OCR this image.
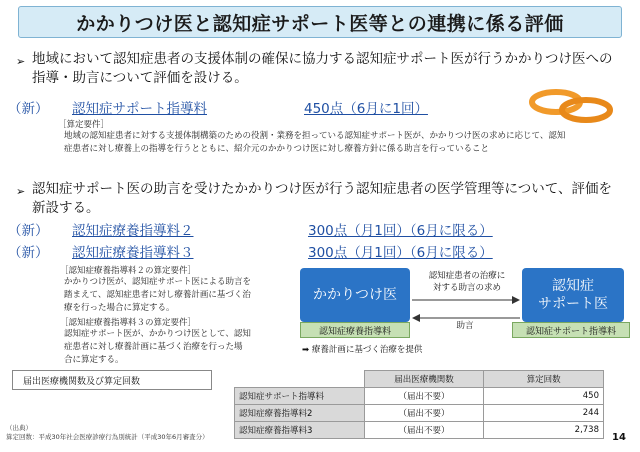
かかりつけ医と認知症サポート医等との連携に係る評価
➢ 地域において認知症患者の支援体制の確保に協力する認知症サポート医が行うかかりつけ医への指導・助言について評価を設ける。
（新）	認知症サポート指導料	450点（6月に1回）
［算定要件］
地域の認知症患者に対する支援体制構築のための役割・業務を担っている認知症サポート医が、かかりつけ医の求めに応じて、認知
症患者に対し療養上の指導を行うとともに、紹介元のかかりつけ医に対し療養方針に係る助言を行っていること
➢ 認知症サポート医の助言を受けたかかりつけ医が行う認知症患者の医学管理等について、評価を新設する。
（新）	認知症療養指導料２	300点（月1回）（6月に限る）
（新）	認知症療養指導料３	300点（月1回）（6月に限る）
［認知症療養指導料２の算定要件］
かかりつけ医が、認知症サポート医による助言を
踏まえて、認知症患者に対し療養計画に基づく治
療を行った場合に算定する。
［認知症療養指導料３の算定要件］
認知症サポート医が、かかりつけ医として、認知
症患者に対し療養計画に基づく治療を行った場
合に算定する。
かかりつけ医
認知症療養指導料
認知症
サポート医
認知症サポート指導料
認知症患者の治療に
対する助言の求め
助言
➡ 療養計画に基づく治療を提供
届出医療機関数及び算定回数
		届出医療機関数	算定回数
認知症サポート指導料	（届出不要）	450
認知症療養指導料2	（届出不要）	244
認知症療養指導料3	（届出不要）	2,738
（出典）
算定回数：平成30年社会医療診療行為別統計（平成30年6月審査分）	14
